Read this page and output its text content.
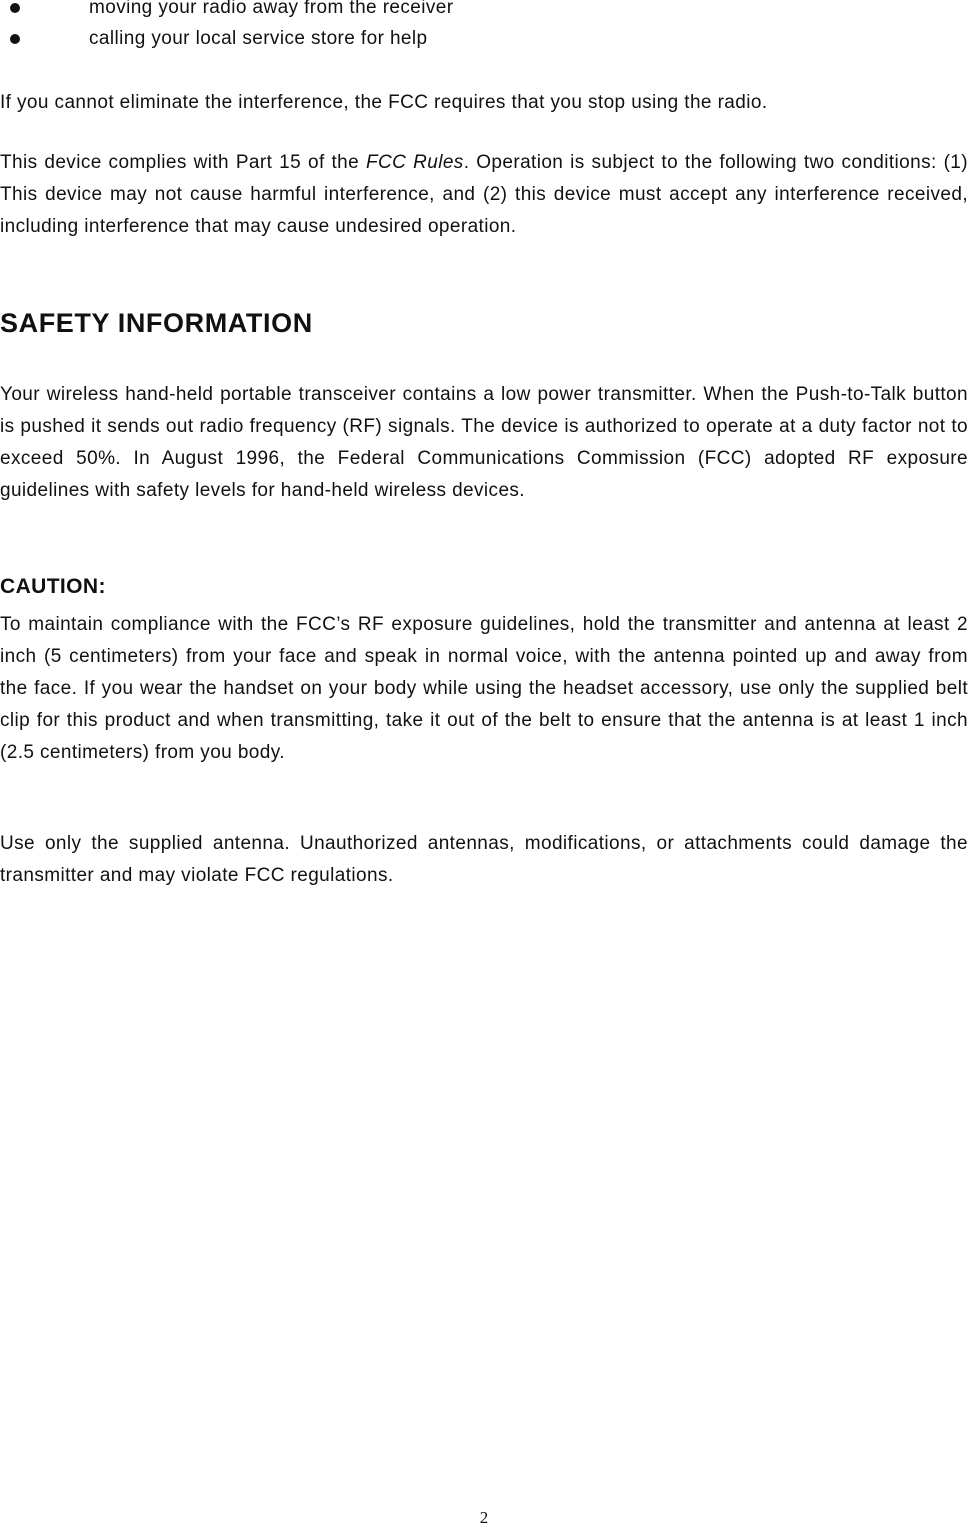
moving your radio away from the receiver
calling your local service store for help

If you cannot eliminate the interference, the FCC requires that you stop using the radio.

This device complies with Part 15 of the FCC Rules. Operation is subject to the following two conditions: (1) This device may not cause harmful interference, and (2) this device must accept any interference received, including interference that may cause undesired operation.

SAFETY INFORMATION

Your wireless hand-held portable transceiver contains a low power transmitter. When the Push-to-Talk button is pushed it sends out radio frequency (RF) signals. The device is authorized to operate at a duty factor not to exceed 50%. In August 1996, the Federal Communications Commission (FCC) adopted RF exposure guidelines with safety levels for hand-held wireless devices.

CAUTION:

To maintain compliance with the FCC’s RF exposure guidelines, hold the transmitter and antenna at least 2 inch (5 centimeters) from your face and speak in normal voice, with the antenna pointed up and away from the face. If you wear the handset on your body while using the headset accessory, use only the supplied belt clip for this product and when transmitting, take it out of the belt to ensure that the antenna is at least 1 inch (2.5 centimeters) from you body.

Use only the supplied antenna. Unauthorized antennas, modifications, or attachments could damage the transmitter and may violate FCC regulations.

2
